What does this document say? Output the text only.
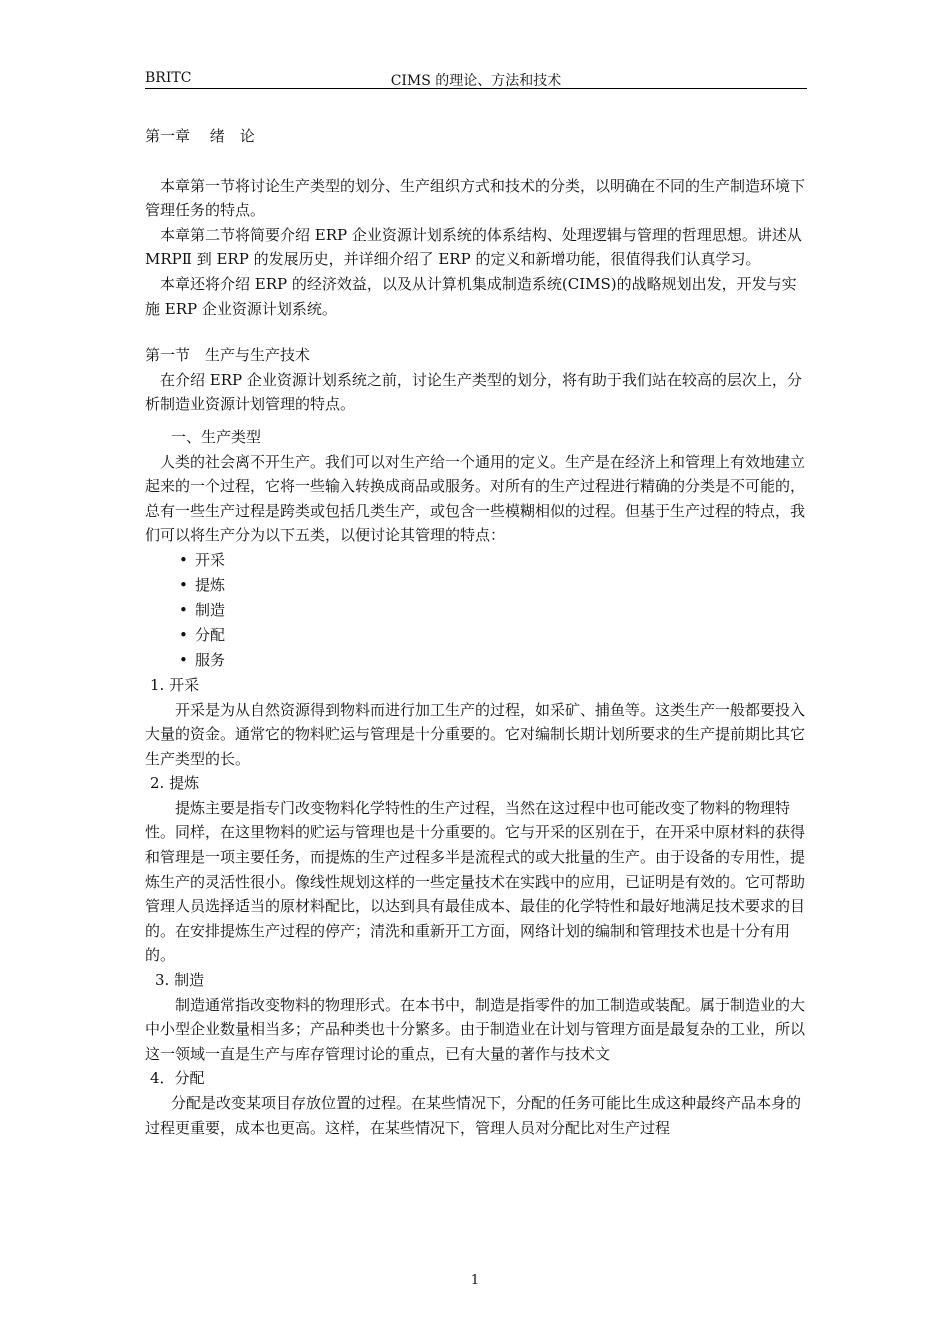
BRITC	CIMS 的理论、方法和技术

第一章　 绪　论

本章第一节将讨论生产类型的划分、生产组织方式和技术的分类，以明确在不同的生产制造环境下管理任务的特点。

本章第二节将简要介绍 ERP 企业资源计划系统的体系结构、处理逻辑与管理的哲理思想。讲述从 MRPⅡ 到 ERP 的发展历史，并详细介绍了 ERP 的定义和新增功能，很值得我们认真学习。

本章还将介绍 ERP 的经济效益，以及从计算机集成制造系统(CIMS)的战略规划出发，开发与实施 ERP 企业资源计划系统。

第一节　生产与生产技术

在介绍 ERP 企业资源计划系统之前，讨论生产类型的划分，将有助于我们站在较高的层次上，分析制造业资源计划管理的特点。

一、生产类型

人类的社会离不开生产。我们可以对生产给一个通用的定义。生产是在经济上和管理上有效地建立起来的一个过程，它将一些输入转换成商品或服务。对所有的生产过程进行精确的分类是不可能的，总有一些生产过程是跨类或包括几类生产，或包含一些模糊相似的过程。但基于生产过程的特点，我们可以将生产分为以下五类，以便讨论其管理的特点：

• 开采
• 提炼
• 制造
• 分配
• 服务

1. 开采

开采是为从自然资源得到物料而进行加工生产的过程，如采矿、捕鱼等。这类生产一般都要投入大量的资金。通常它的物料贮运与管理是十分重要的。它对编制长期计划所要求的生产提前期比其它生产类型的长。

2. 提炼

提炼主要是指专门改变物料化学特性的生产过程，当然在这过程中也可能改变了物料的物理特性。同样，在这里物料的贮运与管理也是十分重要的。它与开采的区别在于，在开采中原材料的获得和管理是一项主要任务，而提炼的生产过程多半是流程式的或大批量的生产。由于设备的专用性，提炼生产的灵活性很小。像线性规划这样的一些定量技术在实践中的应用，已证明是有效的。它可帮助管理人员选择适当的原材料配比，以达到具有最佳成本、最佳的化学特性和最好地满足技术要求的目的。在安排提炼生产过程的停产；清洗和重新开工方面，网络计划的编制和管理技术也是十分有用的。

3. 制造

制造通常指改变物料的物理形式。在本书中，制造是指零件的加工制造或装配。属于制造业的大中小型企业数量相当多；产品种类也十分繁多。由于制造业在计划与管理方面是最复杂的工业，所以这一领域一直是生产与库存管理讨论的重点，已有大量的著作与技术文

4．分配

分配是改变某项目存放位置的过程。在某些情况下，分配的任务可能比生成这种最终产品本身的过程更重要，成本也更高。这样，在某些情况下，管理人员对分配比对生产过程

1
